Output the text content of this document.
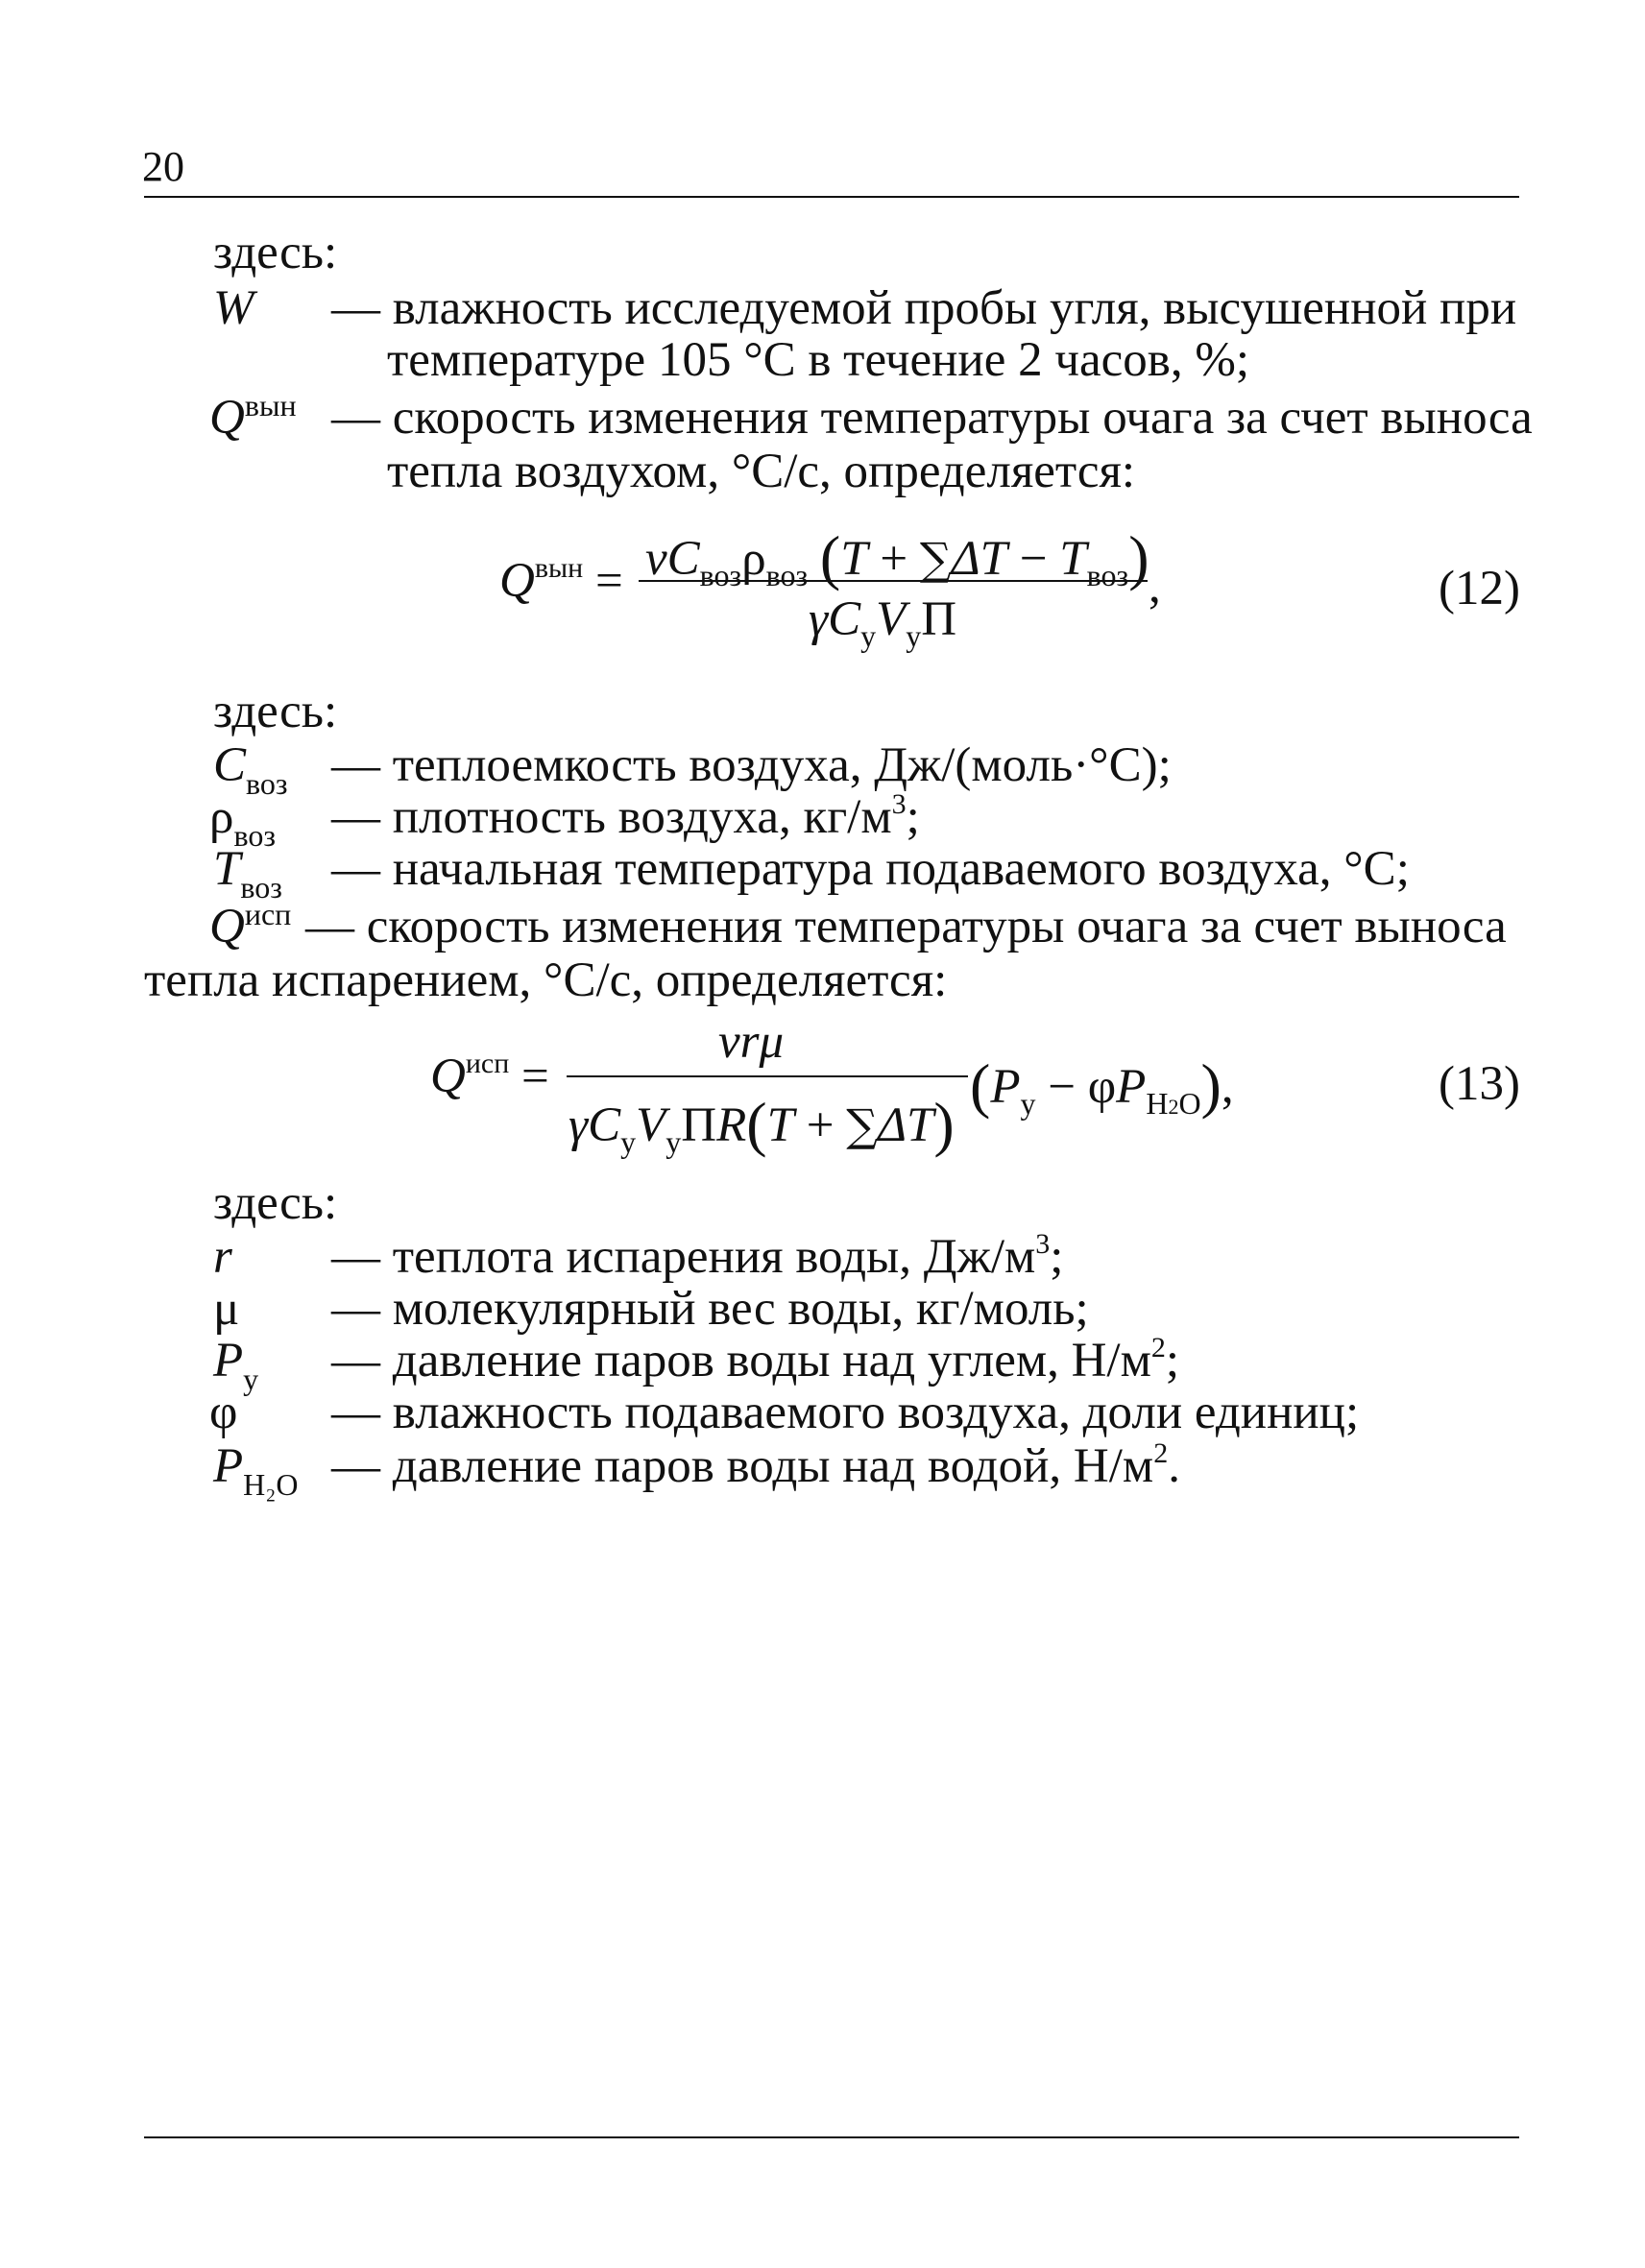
20
здесь:
W — влажность исследуемой пробы угля, высушенной при
температуре 105 °С в течение 2 часов, %;
$Q^{вын}$ — скорость изменения температуры очага за счет выноса
тепла воздухом, °С/с, определяется:
$Q^{вын} = vC_{воз}\rho_{воз}$ $(T + \sum\Delta T - T_{воз})$
$\gamma C_уV_уП$
,	(12)
здесь:
$C_{воз}$ — теплоемкость воздуха, Дж/(моль·°С);
$\rho_{воз}$ — плотность воздуха, $кг/м^3$;
$T_{воз}$ — начальная температура подаваемого воздуха, °С;
$Q^{исп}$ — скорость изменения температуры очага за счет выноса
тепла испарением, °С/с, определяется:
$Q^{исп}$ =
vrμ
$\gamma C_уV_уПR(T + \sum\Delta T)$
$(P_у - \varphi P_{H2O})$,	(13)
здесь:
r — теплота испарения воды, $Дж/м^3$;
μ — молекулярный вес воды, кг/моль;
$P_у$ — давление паров воды над углем, $Н/м^2$;
φ — влажность подаваемого воздуха, доли единиц;
$P_{H_2O}$ — давление паров воды над водой, $Н/м^2$.
